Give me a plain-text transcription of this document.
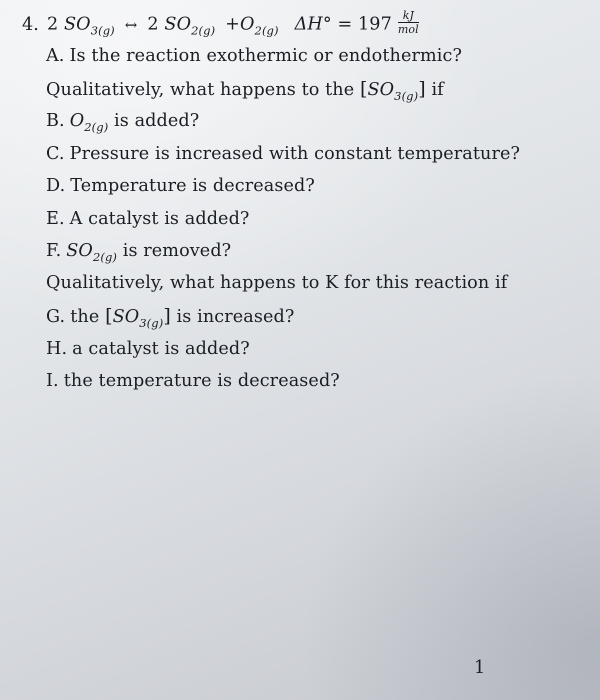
4. 2 $SO_{3(g)}$ ↔ 2 $SO_{2(g)} +O_{2(g)}$ $\Delta H^\circ = 197 \frac{kJ}{\text{mol}}$
A. Is the reaction exothermic or endothermic?
Qualitatively, what happens to the $[SO_{3(g)}]$ if
B. $O_{2(g)}$ is added?
C. Pressure is increased with constant temperature?
D. Temperature is decreased?
E. A catalyst is added?
F. $SO_{2(g)}$ is removed?
Qualitatively, what happens to K for this reaction if
G. the $[SO_{3(g)}]$ is increased?
H. a catalyst is added?
I. the temperature is decreased?
1
